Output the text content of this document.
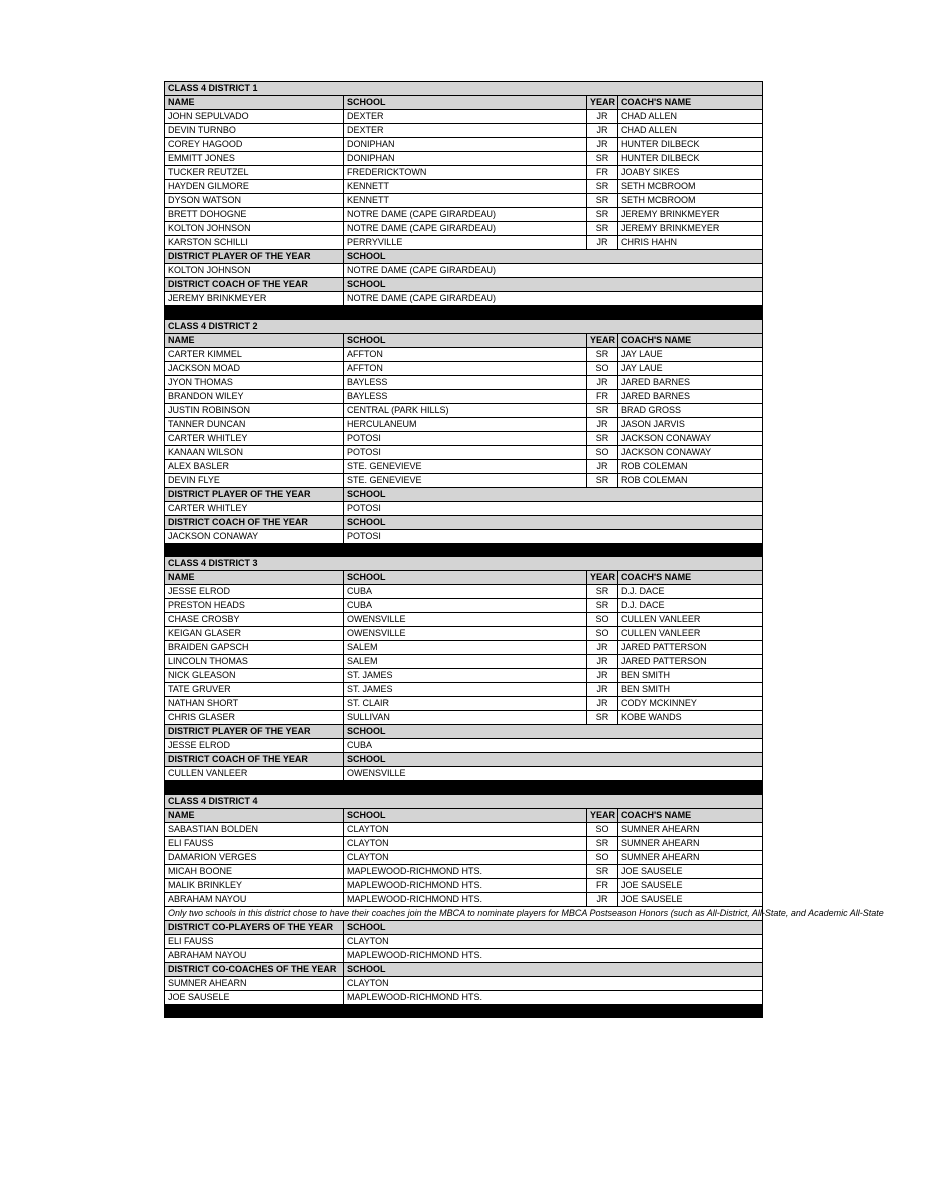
CLASS 4 DISTRICT 1			
NAME	SCHOOL	YEAR	COACH'S NAME
JOHN SEPULVADO	DEXTER	JR	CHAD ALLEN
DEVIN TURNBO	DEXTER	JR	CHAD ALLEN
COREY HAGOOD	DONIPHAN	JR	HUNTER DILBECK
EMMITT JONES	DONIPHAN	SR	HUNTER DILBECK
TUCKER REUTZEL	FREDERICKTOWN	FR	JOABY SIKES
HAYDEN GILMORE	KENNETT	SR	SETH MCBROOM
DYSON WATSON	KENNETT	SR	SETH MCBROOM
BRETT DOHOGNE	NOTRE DAME (CAPE GIRARDEAU)	SR	JEREMY BRINKMEYER
KOLTON JOHNSON	NOTRE DAME (CAPE GIRARDEAU)	SR	JEREMY BRINKMEYER
KARSTON SCHILLI	PERRYVILLE	JR	CHRIS HAHN
DISTRICT PLAYER OF THE YEAR	SCHOOL		
KOLTON JOHNSON	NOTRE DAME (CAPE GIRARDEAU)		
DISTRICT COACH OF THE YEAR	SCHOOL		
JEREMY BRINKMEYER	NOTRE DAME (CAPE GIRARDEAU)		

CLASS 4 DISTRICT 2			
NAME	SCHOOL	YEAR	COACH'S NAME
CARTER KIMMEL	AFFTON	SR	JAY LAUE
JACKSON MOAD	AFFTON	SO	JAY LAUE
JYON THOMAS	BAYLESS	JR	JARED BARNES
BRANDON WILEY	BAYLESS	FR	JARED BARNES
JUSTIN ROBINSON	CENTRAL (PARK HILLS)	SR	BRAD GROSS
TANNER DUNCAN	HERCULANEUM	JR	JASON JARVIS
CARTER WHITLEY	POTOSI	SR	JACKSON CONAWAY
KANAAN WILSON	POTOSI	SO	JACKSON CONAWAY
ALEX BASLER	STE. GENEVIEVE	JR	ROB COLEMAN
DEVIN FLYE	STE. GENEVIEVE	SR	ROB COLEMAN
DISTRICT PLAYER OF THE YEAR	SCHOOL		
CARTER WHITLEY	POTOSI		
DISTRICT COACH OF THE YEAR	SCHOOL		
JACKSON CONAWAY	POTOSI		

CLASS 4 DISTRICT 3			
NAME	SCHOOL	YEAR	COACH'S NAME
JESSE ELROD	CUBA	SR	D.J. DACE
PRESTON HEADS	CUBA	SR	D.J. DACE
CHASE CROSBY	OWENSVILLE	SO	CULLEN VANLEER
KEIGAN GLASER	OWENSVILLE	SO	CULLEN VANLEER
BRAIDEN GAPSCH	SALEM	JR	JARED PATTERSON
LINCOLN THOMAS	SALEM	JR	JARED PATTERSON
NICK GLEASON	ST. JAMES	JR	BEN SMITH
TATE GRUVER	ST. JAMES	JR	BEN SMITH
NATHAN SHORT	ST. CLAIR	JR	CODY MCKINNEY
CHRIS GLASER	SULLIVAN	SR	KOBE WANDS
DISTRICT PLAYER OF THE YEAR	SCHOOL		
JESSE ELROD	CUBA		
DISTRICT COACH OF THE YEAR	SCHOOL		
CULLEN VANLEER	OWENSVILLE		

CLASS 4 DISTRICT 4			
NAME	SCHOOL	YEAR	COACH'S NAME
SABASTIAN BOLDEN	CLAYTON	SO	SUMNER AHEARN
ELI FAUSS	CLAYTON	SR	SUMNER AHEARN
DAMARION VERGES	CLAYTON	SO	SUMNER AHEARN
MICAH BOONE	MAPLEWOOD-RICHMOND HTS.	SR	JOE SAUSELE
MALIK BRINKLEY	MAPLEWOOD-RICHMOND HTS.	FR	JOE SAUSELE
ABRAHAM NAYOU	MAPLEWOOD-RICHMOND HTS.	JR	JOE SAUSELE
Only two schools in this district chose to have their coaches join the MBCA to nominate players for MBCA Postseason Honors (such as All-District, All-State, and Academic All-State			
DISTRICT CO-PLAYERS OF THE YEAR	SCHOOL		
ELI FAUSS	CLAYTON		
ABRAHAM NAYOU	MAPLEWOOD-RICHMOND HTS.		
DISTRICT CO-COACHES OF THE YEAR	SCHOOL		
SUMNER AHEARN	CLAYTON		
JOE SAUSELE	MAPLEWOOD-RICHMOND HTS.		
